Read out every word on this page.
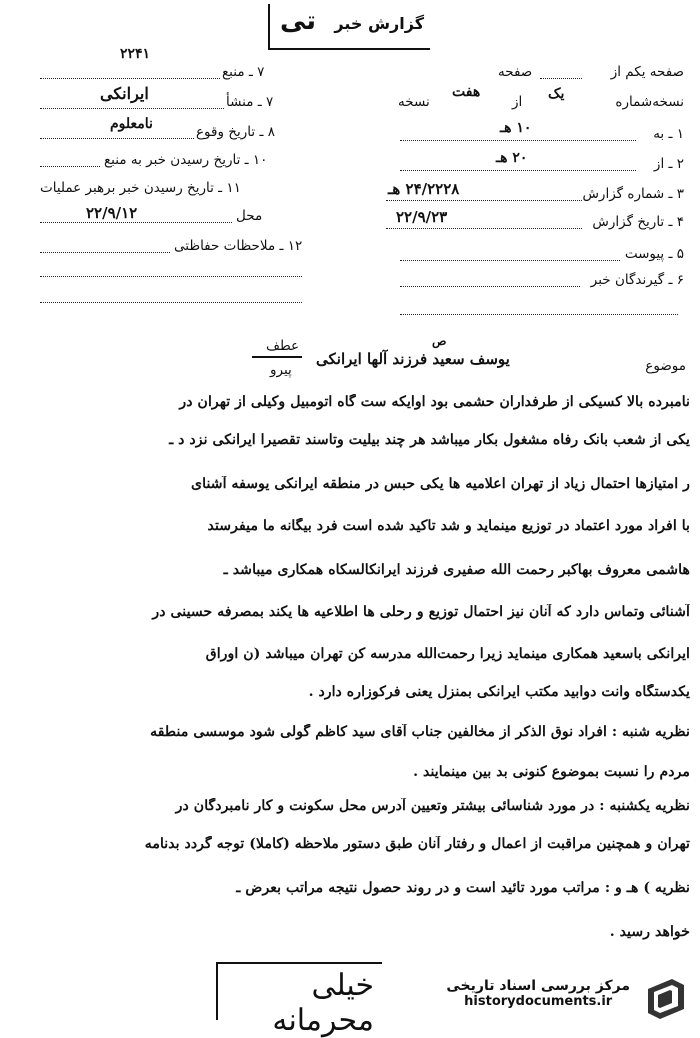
تی گزارش خبر
۷ ـ منبع
۲۲۴۱
۷ ـ منشأ
ایرانکی
۸ ـ تاریخ وقوع
نامعلوم
۱۰ ـ تاریخ رسیدن خبر به منبع
۱۱ ـ تاریخ رسیدن خبر برهبر عملیات
محل
۲۲/۹/۱۲
۱۲ ـ ملاحظات حفاظتی
صفحه یکم از
صفحه
نسخه‌شماره
یک
از
هفت
نسخه
۱ ـ به
۱۰ هـ
۲ ـ از
۲۰ هـ
۳ ـ شماره گزارش
۲۴/۲۲۲۸ هـ
۴ ـ تاریخ گزارش
۲۲/۹/۲۳
۵ ـ پیوست
۶ ـ گیرندگان خبر
عطف
پیرو
ص
موضوع
یوسف سعید فرزند آلها ایرانکی
نامبرده بالا کسیکی از طرفداران حشمی بود اوایکه ست گاه اتومبیل وکیلی از تهران در
یکی از شعب بانک رفاه مشغول بکار میباشد هر چند بیلیت وتاسند تقصیرا ایرانکی نزد د ـ
ر امتیازها احتمال زیاد از تهران اعلامیه ها یکی حبس در منطقه ایرانکی یوسفه آشنای
با افراد مورد اعتماد در توزیع مینماید و شد تاکید شده است فرد بیگانه ما میفرستد
هاشمی معروف بهاکبر رحمت الله صفیری فرزند ایرانکالسکاه همکاری میباشد ـ
آشنائی وتماس دارد که آنان نیز احتمال توزیع و رحلی ها اطلاعیه ها یکند بمصرفه حسینی در
ایرانکی باسعید همکاری مینماید زیرا رحمت‌الله مدرسه کن تهران میباشد (ن اوراق
یکدستگاه وانت دوابید مکتب ایرانکی بمنزل یعنی فرکوزاره دارد .
نظریه شنبه : افراد نوق الذکر از مخالفین جناب آقای سید کاظم گولی شود موسسی منطقه
مردم را نسبت بموضوع کنونی بد بین مینمایند .
نظریه یکشنبه : در مورد شناسائی بیشتر وتعیین آدرس محل سکونت و کار نامبردگان در
تهران و همچنین مراقبت از اعمال و رفتار آنان طبق دستور ملاحظه (کاملا) توجه گردد بدنامه
نظریه ) هـ و : مراتب مورد تائید است و در روند حصول نتیجه مراتب بعرض ـ
خواهد رسید .
خیلی محرمانه
مرکز بررسی اسناد تاریخی
historydocuments.ir
